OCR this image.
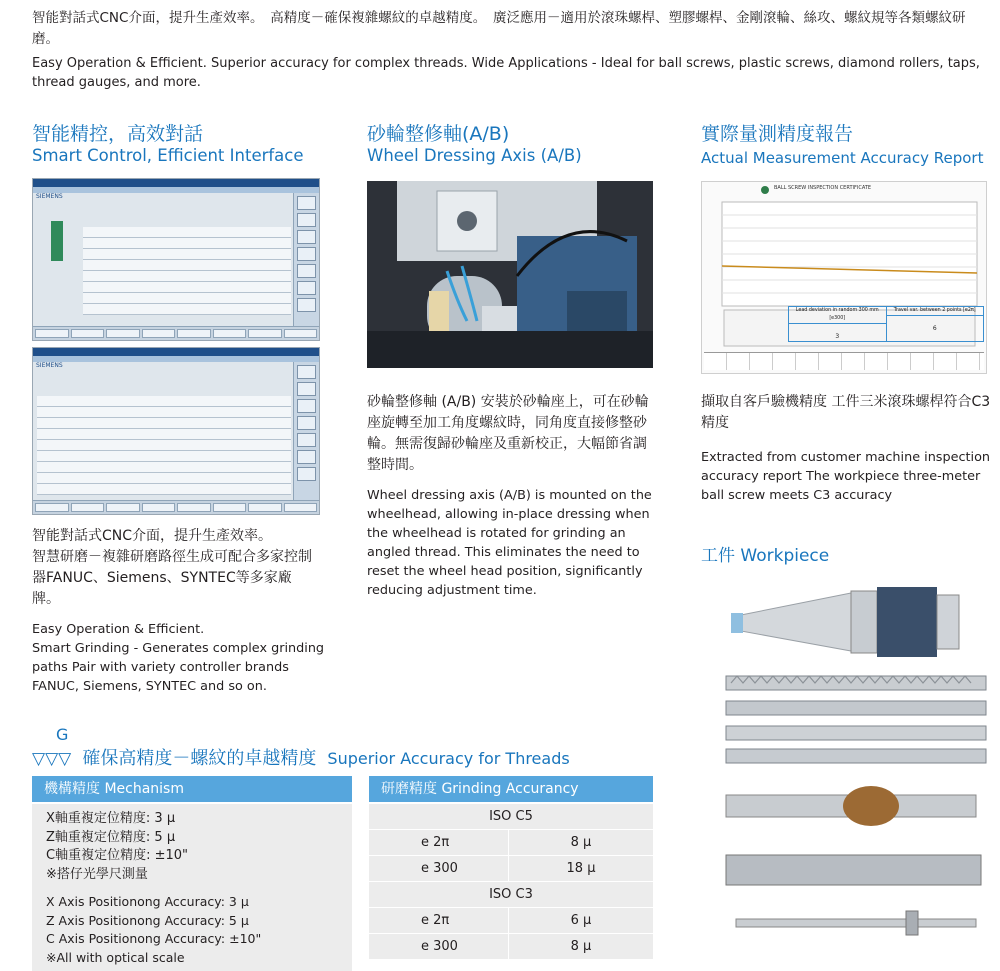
智能對話式CNC介面，提升生產效率。　高精度－確保複雜螺紋的卓越精度。　廣泛應用－適用於滾珠螺桿、塑膠螺桿、金剛滾輪、絲攻、螺紋規等各類螺紋研磨。
Easy Operation & Efficient. Superior accuracy for complex threads. Wide Applications - Ideal for ball screws, plastic screws, diamond rollers, taps, thread gauges, and more.
智能精控，高效對話
Smart Control, Efficient Interface
SIEMENS
SIEMENS
智能對話式CNC介面，提升生產效率。
智慧研磨－複雜研磨路徑生成可配合多家控制器FANUC、Siemens、SYNTEC等多家廠牌。
Easy Operation & Efficient.
Smart Grinding - Generates complex grinding paths Pair with variety controller brands FANUC, Siemens, SYNTEC and so on.
砂輪整修軸(A/B)
Wheel Dressing Axis (A/B)
砂輪整修軸 (A/B) 安裝於砂輪座上，可在砂輪座旋轉至加工角度螺紋時，同角度直接修整砂輪。無需復歸砂輪座及重新校正，大幅節省調整時間。
Wheel dressing axis (A/B) is mounted on the wheelhead, allowing in-place dressing when the wheelhead is rotated for grinding an angled thread. This eliminates the need to reset the wheel head position, significantly reducing adjustment time.
實際量測精度報告
Actual Measurement Accuracy Report
BALL SCREW INSPECTION CERTIFICATE
Lead deviation in random 300 mm [e300]
3
Travel var. between 2 points [e2π]
6
擷取自客戶驗機精度 工件三米滾珠螺桿符合C3精度
Extracted from customer machine inspection accuracy report The workpiece three-meter ball screw meets C3 accuracy
工件 Workpiece
G
▽▽▽ 確保高精度－螺紋的卓越精度 Superior Accuracy for Threads
機構精度 Mechanism
X軸重複定位精度: 3 μ
Z軸重複定位精度: 5 μ
C軸重複定位精度: ±10"
※搭仔光學尺測量
X Axis Positionong Accuracy: 3 μ
Z Axis Positionong Accuracy: 5 μ
C Axis Positionong Accuracy: ±10"
※All with optical scale
研磨精度 Grinding Accurancy
ISO C5
e 2π	8 μ
e 300	18 μ
ISO C3
e 2π	6 μ
e 300	8 μ
